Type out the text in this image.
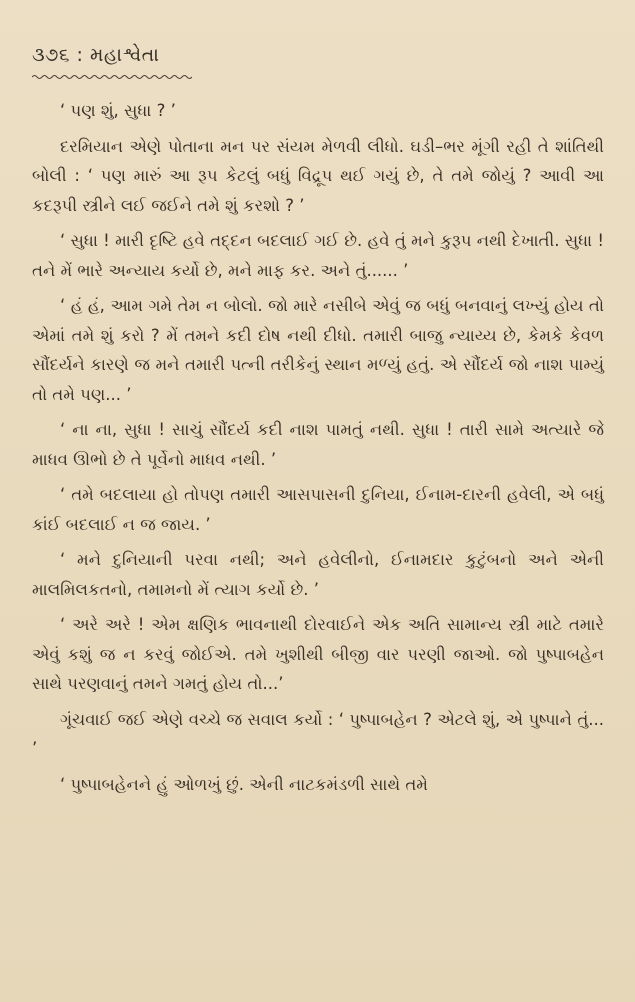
૩૭૬ : મહાશ્વેતા

‘ પણ શું, સુધા ? ’

દરમિયાન એણે પોતાના મન પર સંયમ મેળવી લીધો. ઘડી–ભર મૂંગી રહી તે શાંતિથી બોલી : ‘ પણ મારું આ રૂપ કેટલું બધું વિદ્રૂપ થઈ ગયું છે, તે તમે જોયું ? આવી આ કદરૂપી સ્ત્રીને લઈ જઈને તમે શું કરશો ? ’

‘ સુધા ! મારી દૃષ્ટિ હવે તદ્દન બદલાઈ ગઈ છે. હવે તું મને કુરૂપ નથી દેખાતી. સુધા ! તને મેં ભારે અન્યાય કર્યો છે, મને માફ કર. અને તું...... ’

‘ હં હં, આમ ગમે તેમ ન બોલો. જો મારે નસીબે એવું જ બધું બનવાનું લખ્યું હોય તો એમાં તમે શું કરો ? મેં તમને કદી દોષ નથી દીધો. તમારી બાજુ ન્યાય્ય છે, કેમકે કેવળ સૌંદર્યને કારણે જ મને તમારી પત્ની તરીકેનું સ્થાન મળ્યું હતું. એ સૌંદર્ય જો નાશ પામ્યું તો તમે પણ... ’

‘ ના ના, સુધા ! સાચું સૌંદર્ય કદી નાશ પામતું નથી. સુધા ! તારી સામે અત્યારે જે માધવ ઊભો છે તે પૂર્વેનો માધવ નથી. ’

‘ તમે બદલાયા હો તોપણ તમારી આસપાસની દુનિયા, ઈનામ-દારની હવેલી, એ બધું કાંઈ બદલાઈ ન જ જાય. ’

‘ મને દુનિયાની પરવા નથી; અને હવેલીનો, ઈનામદાર કુટુંબનો અને એની માલમિલકતનો, તમામનો મેં ત્યાગ કર્યો છે. ’

‘ અરે અરે ! એમ ક્ષણિક ભાવનાથી દોરવાઈને એક અતિ સામાન્ય સ્ત્રી માટે તમારે એવું કશું જ ન કરવું જોઈએ. તમે ખુશીથી બીજી વાર પરણી જાઓ. જો પુષ્પાબહેન સાથે પરણવાનું તમને ગમતું હોય તો...’

ગૂંચવાઈ જઈ એણે વચ્ચે જ સવાલ કર્યો : ‘ પુષ્પાબહેન ? એટલે શું, એ પુષ્પાને તું... ’

‘ પુષ્પાબહેનને હું ઓળખું છું. એની નાટકમંડળી સાથે તમે
